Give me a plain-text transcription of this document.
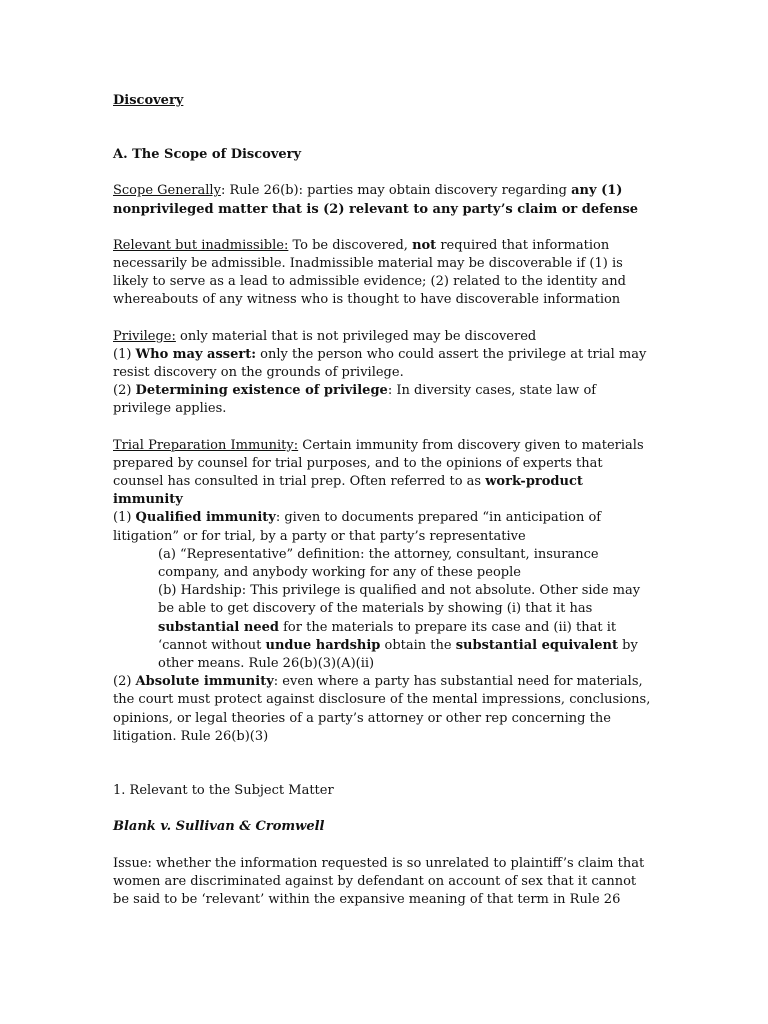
Discovery

A. The Scope of Discovery

Scope Generally: Rule 26(b): parties may obtain discovery regarding any (1) nonprivileged matter that is (2) relevant to any party’s claim or defense

Relevant but inadmissible: To be discovered, not required that information necessarily be admissible. Inadmissible material may be discoverable if (1) is likely to serve as a lead to admissible evidence; (2) related to the identity and whereabouts of any witness who is thought to have discoverable information

Privilege: only material that is not privileged may be discovered

(1) Who may assert: only the person who could assert the privilege at trial may resist discovery on the grounds of privilege.

(2) Determining existence of privilege: In diversity cases, state law of privilege applies.

Trial Preparation Immunity: Certain immunity from discovery given to materials prepared by counsel for trial purposes, and to the opinions of experts that counsel has consulted in trial prep. Often referred to as work-product immunity

(1) Qualified immunity: given to documents prepared “in anticipation of litigation” or for trial, by a party or that party’s representative

(a) “Representative” definition: the attorney, consultant, insurance company, and anybody working for any of these people

(b) Hardship: This privilege is qualified and not absolute. Other side may be able to get discovery of the materials by showing (i) that it has substantial need for the materials to prepare its case and (ii) that it ‘cannot without undue hardship obtain the substantial equivalent by other means. Rule 26(b)(3)(A)(ii)

(2) Absolute immunity: even where a party has substantial need for materials, the court must protect against disclosure of the mental impressions, conclusions, opinions, or legal theories of a party’s attorney or other rep concerning the litigation. Rule 26(b)(3)

1. Relevant to the Subject Matter

Blank v. Sullivan & Cromwell

Issue: whether the information requested is so unrelated to plaintiff’s claim that women are discriminated against by defendant on account of sex that it cannot be said to be ‘relevant’ within the expansive meaning of that term in Rule 26
